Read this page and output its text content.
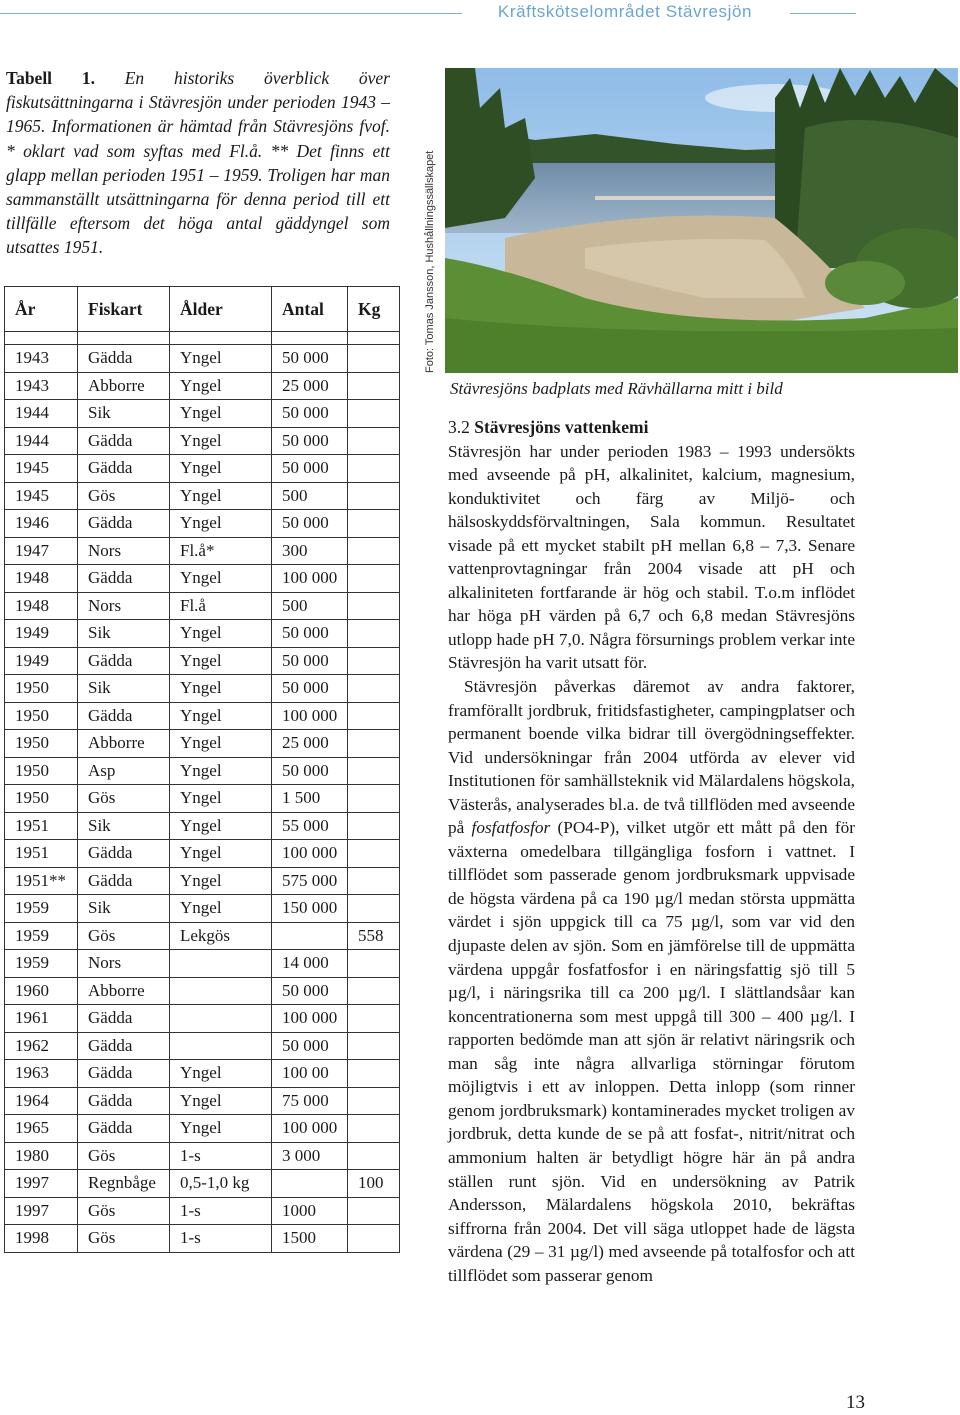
Kräftskötselområdet Stävresjön
Tabell 1. En historiks överblick över fiskutsättningarna i Stävresjön under perioden 1943 – 1965. Informationen är hämtad från Stävresjöns fvof. * oklart vad som syftas med Fl.å. ** Det finns ett glapp mellan perioden 1951 – 1959. Troligen har man sammanställt utsättningarna för denna period till ett tillfälle eftersom det höga antal gäddyngel som utsattes 1951.
År	Fiskart	Ålder	Antal	Kg

1943	Gädda	Yngel	50 000	
1943	Abborre	Yngel	25 000	
1944	Sik	Yngel	50 000	
1944	Gädda	Yngel	50 000	
1945	Gädda	Yngel	50 000	
1945	Gös	Yngel	500	
1946	Gädda	Yngel	50 000	
1947	Nors	Fl.å*	300	
1948	Gädda	Yngel	100 000	
1948	Nors	Fl.å	500	
1949	Sik	Yngel	50 000	
1949	Gädda	Yngel	50 000	
1950	Sik	Yngel	50 000	
1950	Gädda	Yngel	100 000	
1950	Abborre	Yngel	25 000	
1950	Asp	Yngel	50 000	
1950	Gös	Yngel	1 500	
1951	Sik	Yngel	55 000	
1951	Gädda	Yngel	100 000	
1951**	Gädda	Yngel	575 000	
1959	Sik	Yngel	150 000	
1959	Gös	Lekgös		558
1959	Nors		14 000	
1960	Abborre		50 000	
1961	Gädda		100 000	
1962	Gädda		50 000	
1963	Gädda	Yngel	100 00	
1964	Gädda	Yngel	75 000	
1965	Gädda	Yngel	100 000	
1980	Gös	1-s	3 000	
1997	Regnbåge	0,5-1,0 kg		100
1997	Gös	1-s	1000	
1998	Gös	1-s	1500	
Foto: Tomas Jansson, Hushållningssällskapet
Stävresjöns badplats med Rävhällarna mitt i bild
3.2 Stävresjöns vattenkemi

Stävresjön har under perioden 1983 – 1993 undersökts med avseende på pH, alkalinitet, kalcium, magnesium, konduktivitet och färg av Miljö- och hälsoskyddsförvaltningen, Sala kommun. Resultatet visade på ett mycket stabilt pH mellan 6,8 – 7,3. Senare vattenprovtagningar från 2004 visade att pH och alkaliniteten fortfarande är hög och stabil. T.o.m inflödet har höga pH värden på 6,7 och 6,8 medan Stävresjöns utlopp hade pH 7,0. Några försurnings problem verkar inte Stävresjön ha varit utsatt för.

Stävresjön påverkas däremot av andra faktorer, framförallt jordbruk, fritidsfastigheter, campingplatser och permanent boende vilka bidrar till övergödningseffekter. Vid undersökningar från 2004 utförda av elever vid Institutionen för samhällsteknik vid Mälardalens högskola, Västerås, analyserades bl.a. de två tillflöden med avseende på fosfatfosfor (PO4-P), vilket utgör ett mått på den för växterna omedelbara tillgängliga fosforn i vattnet. I tillflödet som passerade genom jordbruksmark uppvisade de högsta värdena på ca 190 µg/l medan största uppmätta värdet i sjön uppgick till ca 75 µg/l, som var vid den djupaste delen av sjön. Som en jämförelse till de uppmätta värdena uppgår fosfatfosfor i en näringsfattig sjö till 5 µg/l, i näringsrika till ca 200 µg/l. I slättlandsåar kan koncentrationerna som mest uppgå till 300 – 400 µg/l. I rapporten bedömde man att sjön är relativt näringsrik och man såg inte några allvarliga störningar förutom möjligtvis i ett av inloppen. Detta inlopp (som rinner genom jordbruksmark) kontaminerades mycket troligen av jordbruk, detta kunde de se på att fosfat-, nitrit/nitrat och ammonium halten är betydligt högre här än på andra ställen runt sjön. Vid en undersökning av Patrik Andersson, Mälardalens högskola 2010, bekräftas siffrorna från 2004. Det vill säga utloppet hade de lägsta värdena (29 – 31 µg/l) med avseende på totalfosfor och att tillflödet som passerar genom

13
